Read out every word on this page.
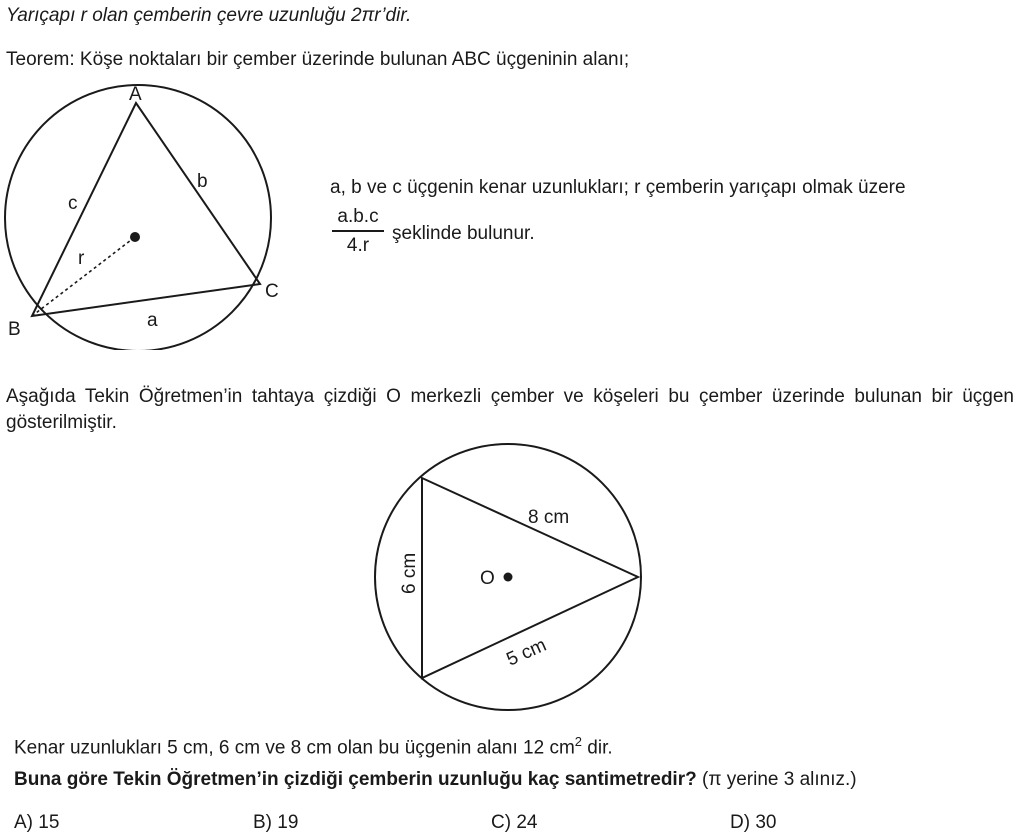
Yarıçapı r olan çemberin çevre uzunluğu 2πr’dir.
Teorem: Köşe noktaları bir çember üzerinde bulunan ABC üçgeninin alanı;
A
B
C
a
b
c
r
a, b ve c üçgenin kenar uzunlukları; r çemberin yarıçapı olmak üzere
a.b.c
4.r
şeklinde bulunur.
Aşağıda Tekin Öğretmen’in tahtaya çizdiği O merkezli çember ve köşeleri bu çember üzerinde bulunan bir üçgen gösterilmiştir.
O
6 cm
8 cm
5 cm
Kenar uzunlukları 5 cm, 6 cm ve 8 cm olan bu üçgenin alanı 12 $cm^2$ dir.
Buna göre Tekin Öğretmen’in çizdiği çemberin uzunluğu kaç santimetredir? (π yerine 3 alınız.)
A) 15	B) 19	C) 24	D) 30
